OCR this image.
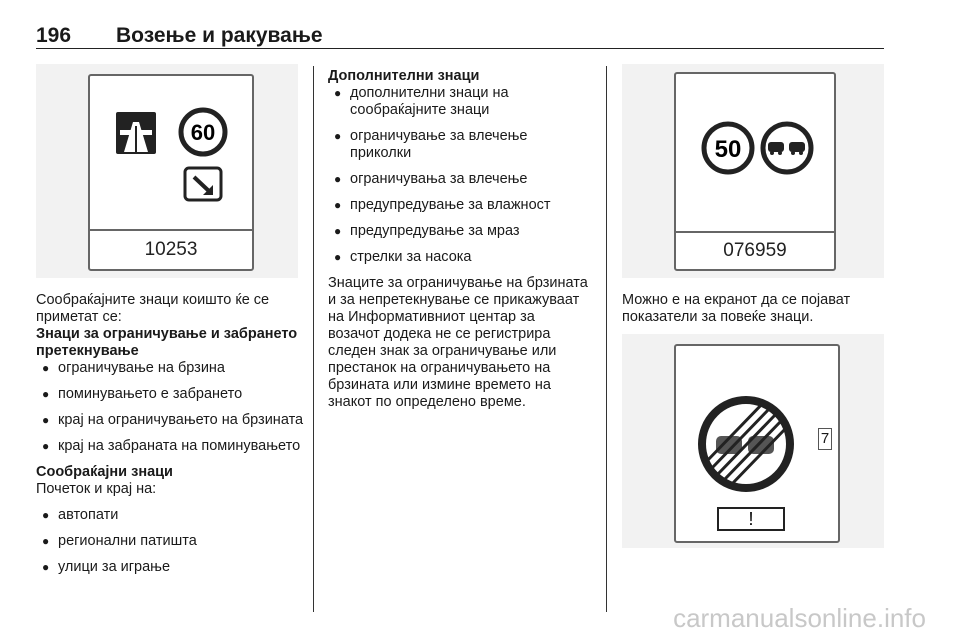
196 Возење и ракување
60
10253

Сообраќајните знаци коишто ќе се приметат се:

Знаци за ограничување и забрането претекнување

● ограничување на брзина
● поминувањето е забрането
● крај на ограничувањето на брзината
● крај на забраната на поминувањето

Сообраќајни знаци

Почеток и крај на:

● автопати
● регионални патишта
● улици за играње

Дополнителни знаци

● дополнителни знаци на сообраќајните знаци
● ограничување за влечење приколки
● ограничувања за влечење
● предупредување за влажност
● предупредување за мраз
● стрелки за насока

Знаците за ограничување на брзината и за непретекнување се прикажуваат на Информативниот центар за возачот додека не се регистрира следен знак за ограничување или престанок на ограничувањето на брзината или измине времето на знакот по определено време.

50
076959

Можно е на екранот да се појават показатели за повеќе знаци.

!
7
carmanualsonline.info
